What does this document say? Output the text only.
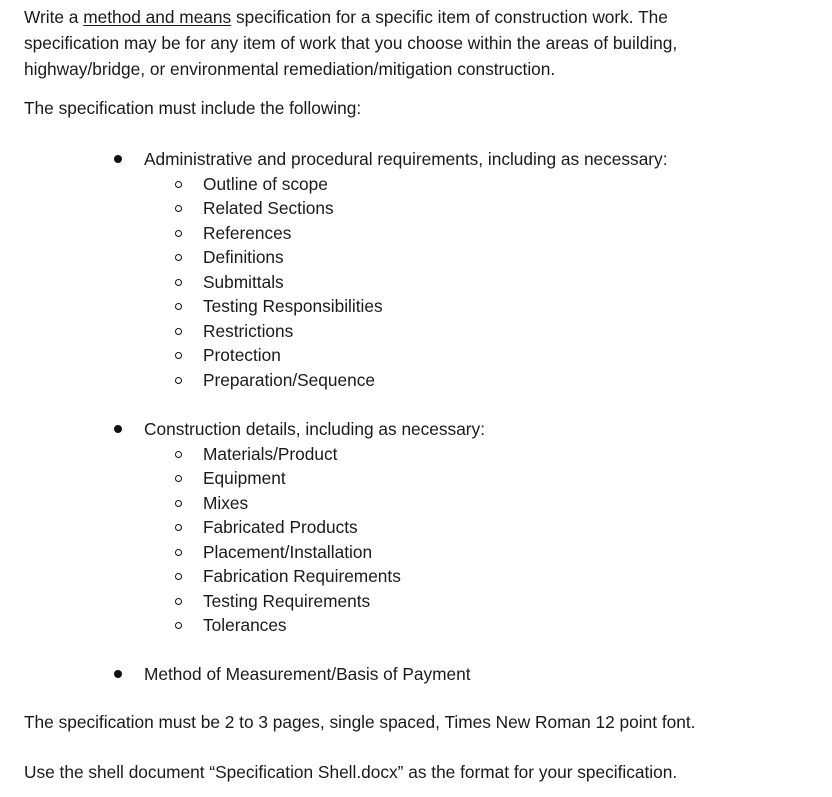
Write a method and means specification for a specific item of construction work. The
specification may be for any item of work that you choose within the areas of building,
highway/bridge, or environmental remediation/mitigation construction.
The specification must include the following:
Administrative and procedural requirements, including as necessary:
Outline of scope
Related Sections
References
Definitions
Submittals
Testing Responsibilities
Restrictions
Protection
Preparation/Sequence
Construction details, including as necessary:
Materials/Product
Equipment
Mixes
Fabricated Products
Placement/Installation
Fabrication Requirements
Testing Requirements
Tolerances
Method of Measurement/Basis of Payment
The specification must be 2 to 3 pages, single spaced, Times New Roman 12 point font.
Use the shell document “Specification Shell.docx” as the format for your specification.
